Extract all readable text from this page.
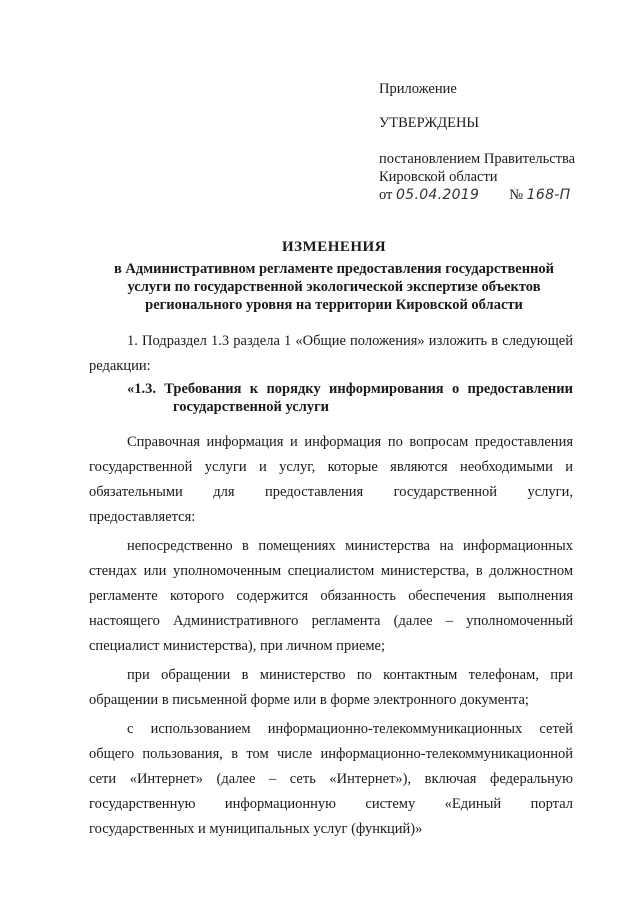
Приложение
УТВЕРЖДЕНЫ
постановлением Правительства
Кировской области
от 05.04.2019 № 168-П
ИЗМЕНЕНИЯ
в Административном регламенте предоставления государственной
услуги по государственной экологической экспертизе объектов
регионального уровня на территории Кировской области
1. Подраздел 1.3 раздела 1 «Общие положения» изложить в следующей редакции:
«1.3. Требования к порядку информирования о предоставлении
государственной услуги
Справочная информация и информация по вопросам предоставления государственной услуги и услуг, которые являются необходимыми и обязательными для предоставления государственной услуги, предоставляется:
непосредственно в помещениях министерства на информационных стендах или уполномоченным специалистом министерства, в должностном регламенте которого содержится обязанность обеспечения выполнения настоящего Административного регламента (далее – уполномоченный специалист министерства), при личном приеме;
при обращении в министерство по контактным телефонам, при обращении в письменной форме или в форме электронного документа;
с использованием информационно-телекоммуникационных сетей общего пользования, в том числе информационно-телекоммуникационной сети «Интернет» (далее – сеть «Интернет»), включая федеральную государственную информационную систему «Единый портал государственных и муниципальных услуг (функций)»
